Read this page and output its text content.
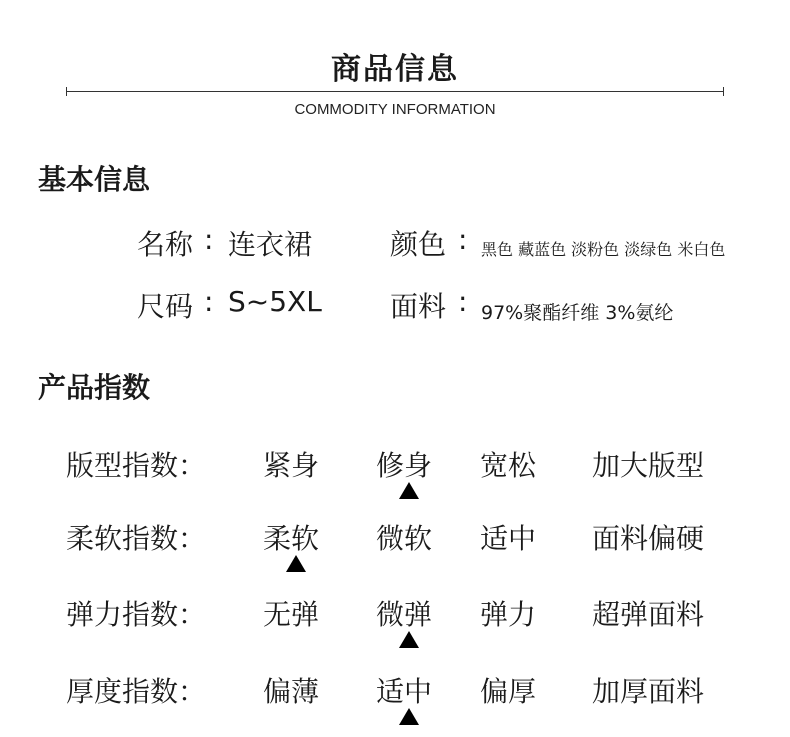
商品信息
COMMODITY INFORMATION
基本信息
名称 : 连衣裙	颜色 : 黑色 藏蓝色 淡粉色 淡绿色 米白色
尺码 : S~5XL 面料 : 97%聚酯纤维 3%氨纶
产品指数
版型指数： 紧身 修身 宽松 加大版型
柔软指数： 柔软 微软 适中 面料偏硬
弹力指数： 无弹 微弹 弹力 超弹面料
厚度指数： 偏薄 适中 偏厚 加厚面料
